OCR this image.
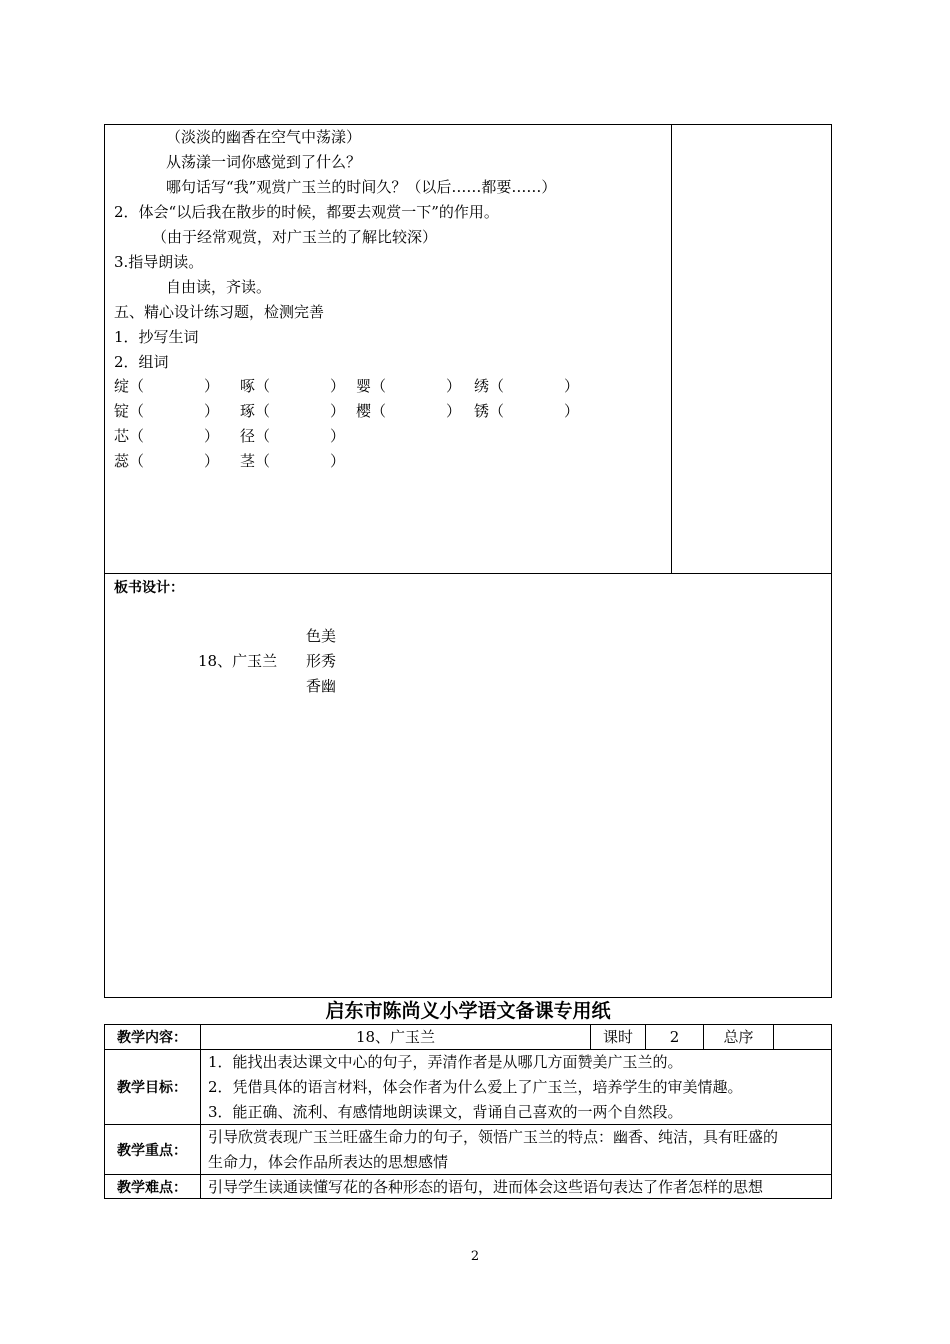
（淡淡的幽香在空气中荡漾）
从荡漾一词你感觉到了什么？
哪句话写“我”观赏广玉兰的时间久？（以后……都要……）
2．体会“以后我在散步的时候，都要去观赏一下”的作用。
（由于经常观赏，对广玉兰的了解比较深）
3.指导朗读。
自由读，齐读。
五、精心设计练习题，检测完善
1．抄写生词
2．组词
绽（	） 啄（	） 婴（	） 绣（	）
锭（	） 琢（	） 樱（	） 锈（	）
芯（	） 径（	）
蕊（	） 茎（	）
板书设计：
18、广玉兰
色美
形秀
香幽
启东市陈尚义小学语文备课专用纸
教学内容：	18、广玉兰	课时	2	总序
教学目标：
1．能找出表达课文中心的句子，弄清作者是从哪几方面赞美广玉兰的。
2．凭借具体的语言材料，体会作者为什么爱上了广玉兰，培养学生的审美情趣。
3．能正确、流利、有感情地朗读课文，背诵自己喜欢的一两个自然段。
教学重点：
引导欣赏表现广玉兰旺盛生命力的句子，领悟广玉兰的特点：幽香、纯洁，具有旺盛的
生命力，体会作品所表达的思想感情
教学难点：	引导学生读通读懂写花的各种形态的语句，进而体会这些语句表达了作者怎样的思想
2
